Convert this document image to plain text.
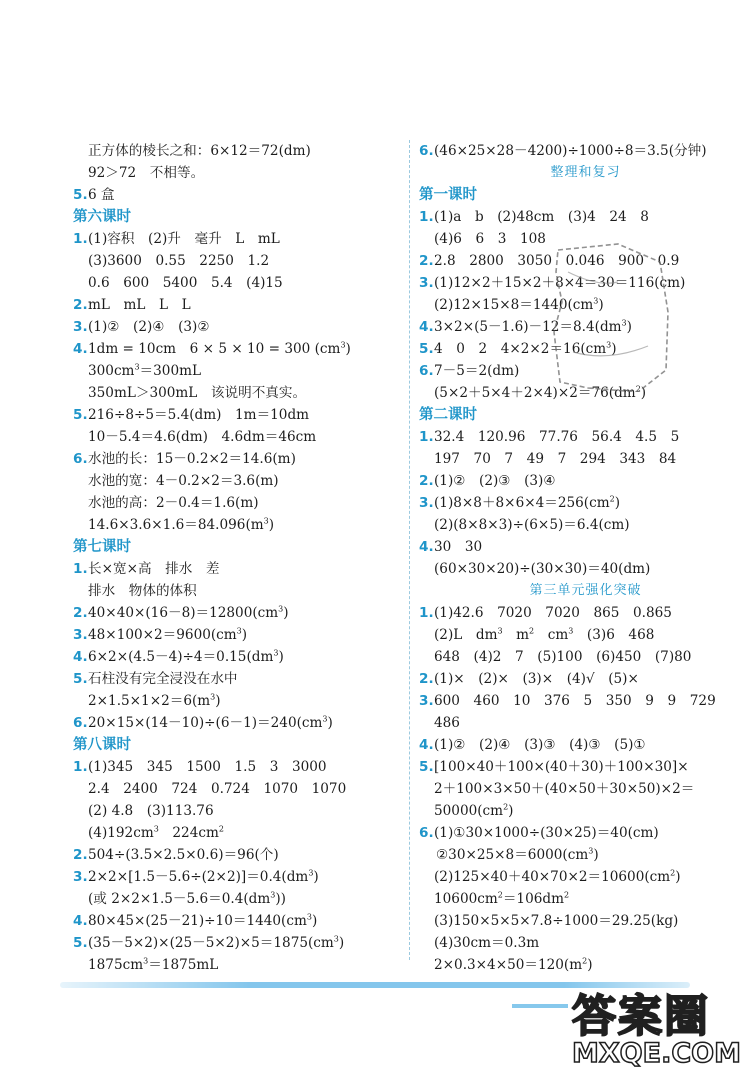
正方体的棱长之和：6×12＝72(dm)
92＞72　不相等。
5.6 盒
第六课时
1.(1)容积　(2)升　毫升　L　mL
(3)3600　0.55　2250　1.2
0.6　600　5400　5.4　(4)15
2.mL　mL　L　L
3.(1)②　(2)④　(3)②
4.1dm = 10cm　6 × 5 × 10 = 300 $(cm^3)$
$300cm^3=300mL$
350mL＞300mL　该说明不真实。
5.216÷8÷5＝5.4(dm)　1m＝10dm
10－5.4＝4.6(dm)　4.6dm＝46cm
6.水池的长：15－0.2×2＝14.6(m)
水池的宽：4－0.2×2＝3.6(m)
水池的高：2－0.4＝1.6(m)
$14.6\times 3.6\times 1.6=84.096(m^3)$
第七课时
1.长×宽×高　排水　差
排水　物体的体积
$2.40\times 40\times(16-8)=12800(cm^3)$
$3.48\times 100\times 2=9600(cm^3)$
$4.6\times 2\times(4.5-4)\div 4=0.15(dm^3)$
5.石柱没有完全浸没在水中
$2\times 1.5\times 1\times 2=6(m^3)$
$6.20\times 15\times(14-10)\div(6-1)=240(cm^3)$
第八课时
1.(1)345　345　1500　1.5　3　3000
2.4　2400　724　0.724　1070　1070
(2) 4.8　(3)113.76
$(4)192cm^3$　$224cm^2$
2.504÷(3.5×2.5×0.6)＝96(个)
$3.2\times 2\times[1.5-5.6\div(2\times 2)]=0.4(dm^3)$
(或 $2\times 2\times 1.5-5.6=0.4(dm^3)$)
$4.80\times 45\times(25-21)\div 10=1440(cm^3)$
$5.(35-5\times 2)\times(25-5\times 2)\times 5=1875(cm^3)$
$1875cm^3=1875mL$
6.(46×25×28－4200)÷1000÷8＝3.5(分钟)
整理和复习
第一课时
1.(1)a　b　(2)48cm　(3)4　24　8
(4)6　6　3　108
2.2.8　2800　3050　0.046　900　0.9
3.(1)12×2＋15×2＋8×4＝30＝116(cm)
$(2)12\times 15\times 8=1440(cm^3)$
$4.3\times 2\times(5-1.6)-12=8.4(dm^3)$
5.4　0　2　$4\times 2\times 2=16(cm^3)$
6.7－5＝2(dm)
$(5\times 2+5\times 4+2\times 4)\times 2=76(dm^2)$
第二课时
1.32.4　120.96　77.76　56.4　4.5　5
197　70　7　49　7　294　343　84
2.(1)②　(2)③　(3)④
$3.(1)8\times 8+8\times 6\times 4=256(cm^2)$
(2)(8×8×3)÷(6×5)＝6.4(cm)
4.30　30
(60×30×20)÷(30×30)＝40(dm)
第三单元强化突破
1.(1)42.6　7020　7020　865　0.865
(2)L　$dm^3$　$m^2$　$cm^3$　(3)6　468
648　(4)2　7　(5)100　(6)450　(7)80
2.(1)×　(2)×　(3)×　(4)√　(5)×
3.600　460　10　376　5　350　9　9　729
486
4.(1)②　(2)④　(3)③　(4)③　(5)①
5.[100×40＋100×(40＋30)＋100×30]×
2＋100×3×50＋(40×50＋30×50)×2＝
$50000(cm^2)$
6.(1)①30×1000÷(30×25)＝40(cm)
$②30\times 25\times 8=6000(cm^3)$
$(2)125\times 40+40\times 70\times 2=10600(cm^2)$
$10600cm^2=106dm^2$
(3)150×5×5×7.8÷1000＝29.25(kg)
(4)30cm＝0.3m
$2\times 0.3\times 4\times 50=120(m^2)$
答案圈
MXQE.COM
